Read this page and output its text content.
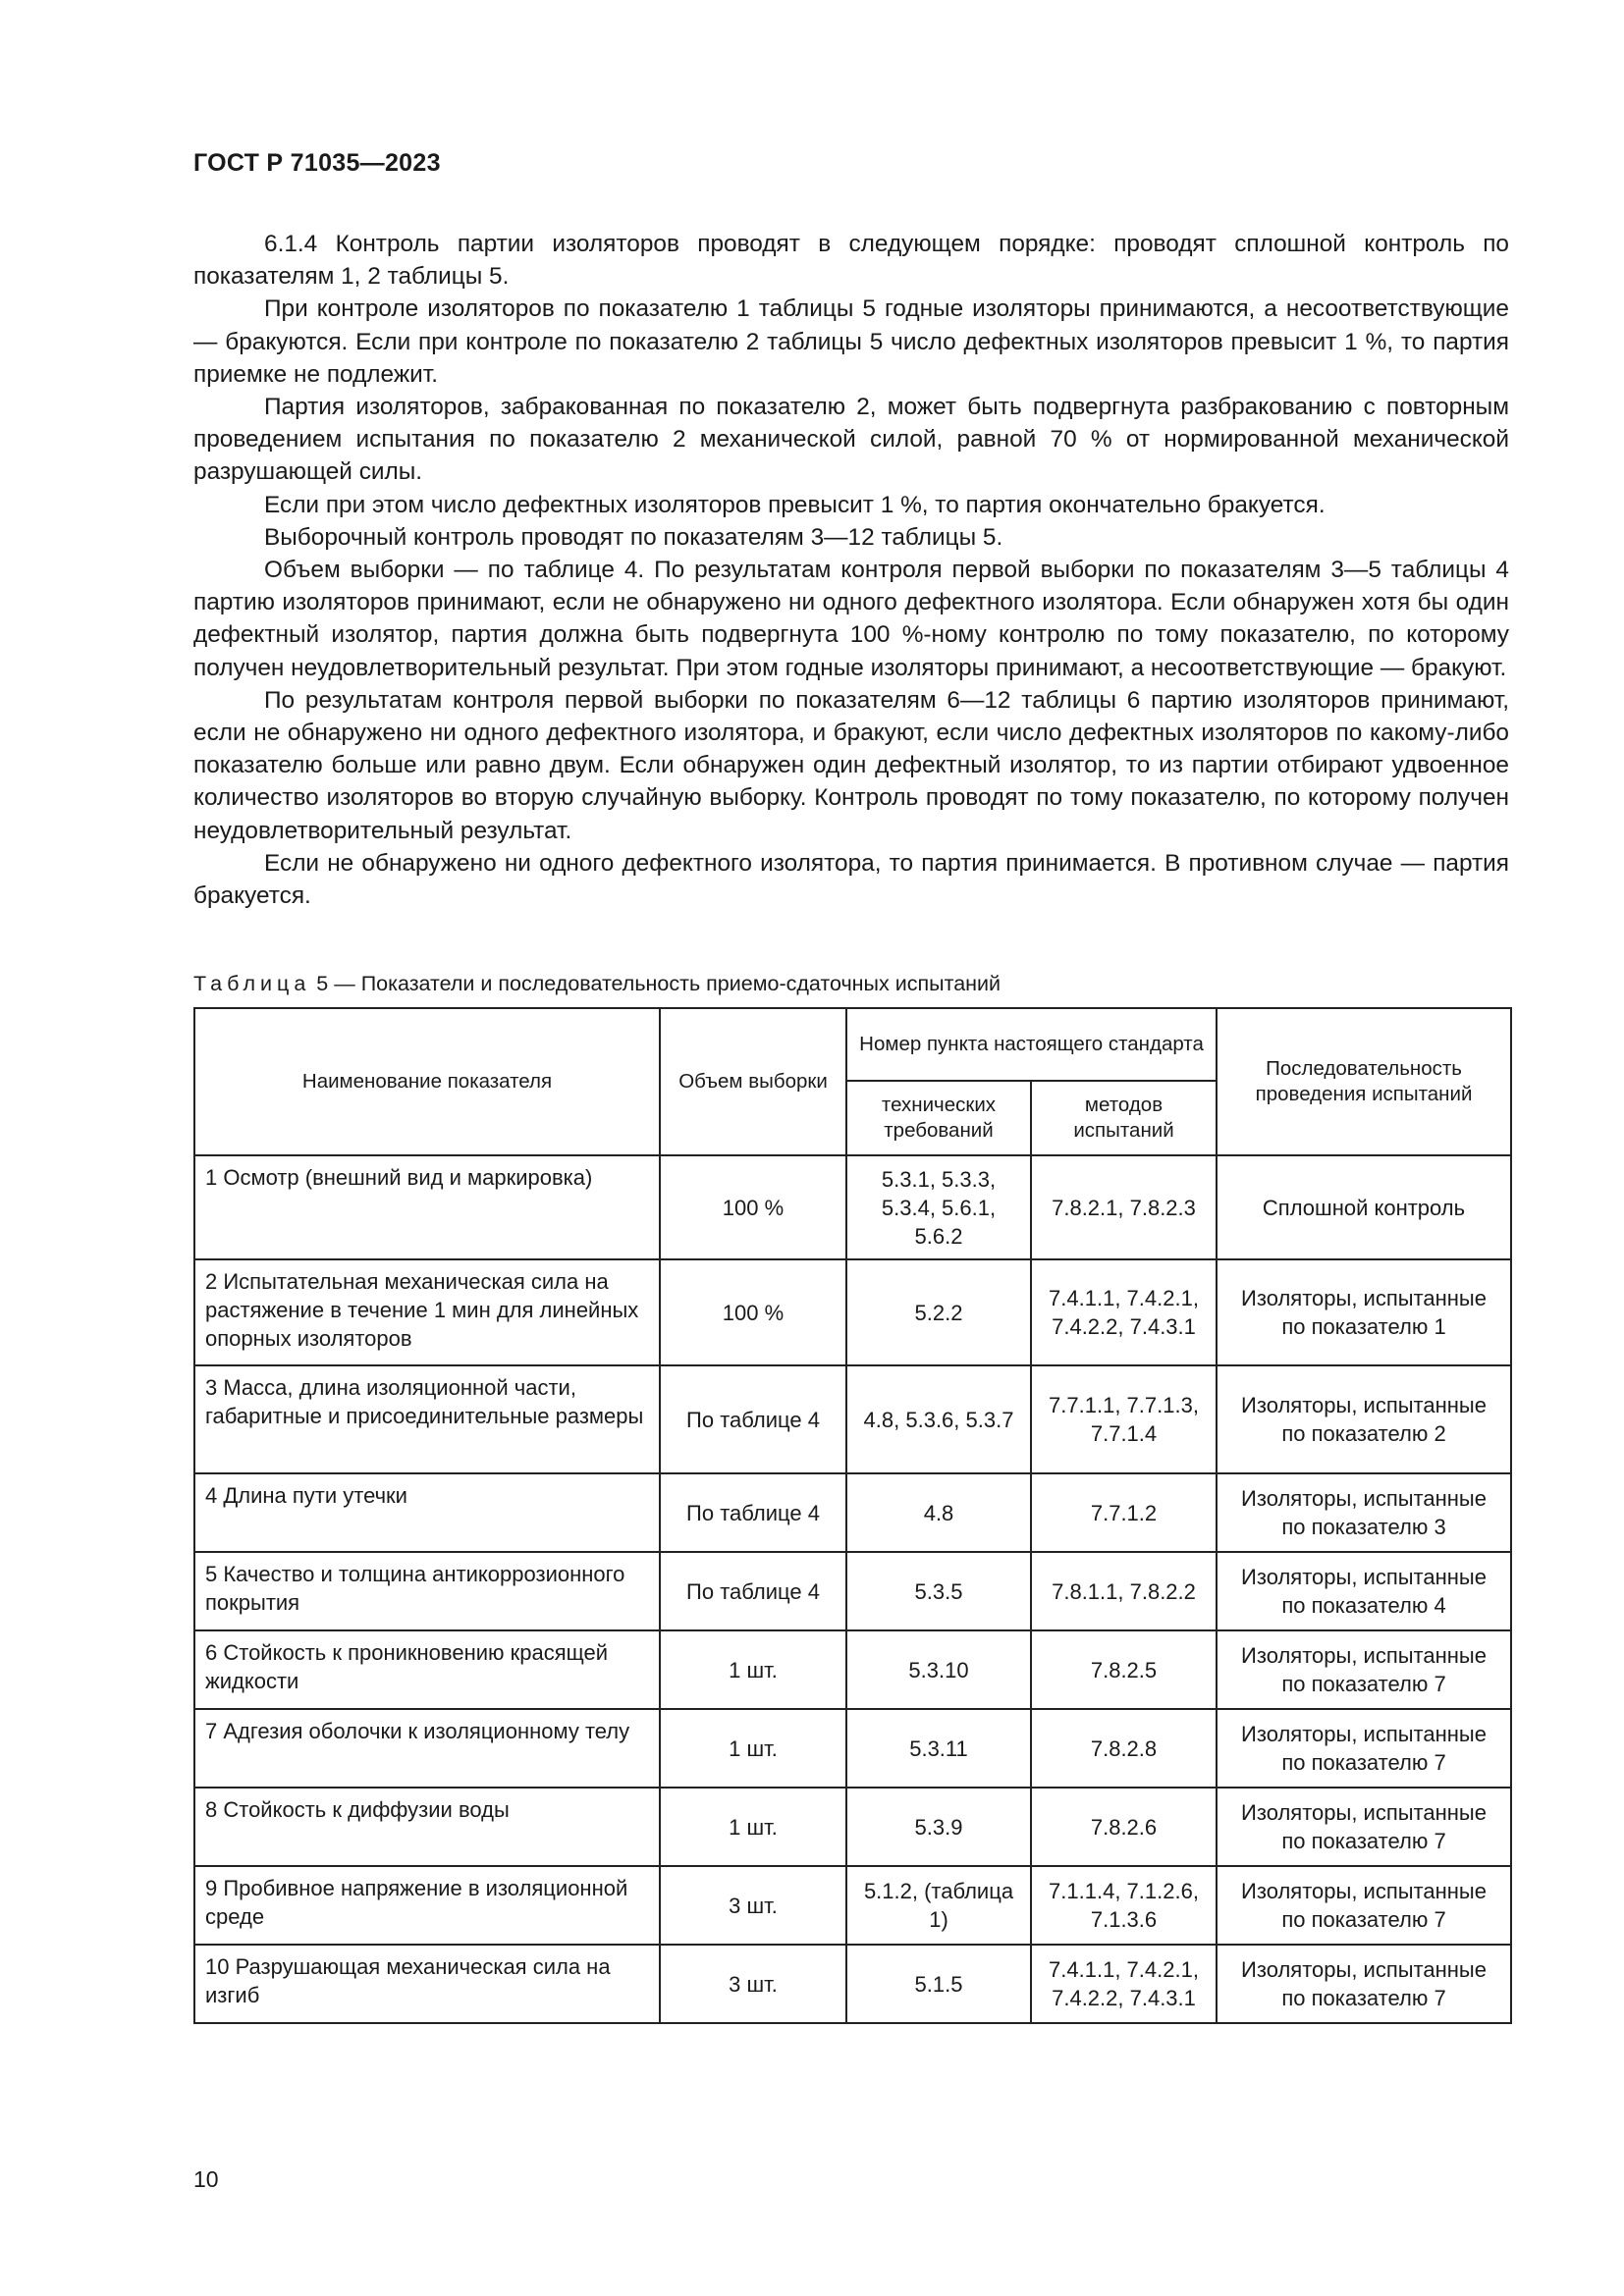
ГОСТ Р 71035—2023

6.1.4 Контроль партии изоляторов проводят в следующем порядке: проводят сплошной контроль по показателям 1, 2 таблицы 5.

При контроле изоляторов по показателю 1 таблицы 5 годные изоляторы принимаются, а несоответствующие — бракуются. Если при контроле по показателю 2 таблицы 5 число дефектных изоляторов превысит 1 %, то партия приемке не подлежит.

Партия изоляторов, забракованная по показателю 2, может быть подвергнута разбракованию с повторным проведением испытания по показателю 2 механической силой, равной 70 % от нормированной механической разрушающей силы.

Если при этом число дефектных изоляторов превысит 1 %, то партия окончательно бракуется.

Выборочный контроль проводят по показателям 3—12 таблицы 5.

Объем выборки — по таблице 4. По результатам контроля первой выборки по показателям 3—5 таблицы 4 партию изоляторов принимают, если не обнаружено ни одного дефектного изолятора. Если обнаружен хотя бы один дефектный изолятор, партия должна быть подвергнута 100 %-ному контролю по тому показателю, по которому получен неудовлетворительный результат. При этом годные изоляторы принимают, а несоответствующие — бракуют.

По результатам контроля первой выборки по показателям 6—12 таблицы 6 партию изоляторов принимают, если не обнаружено ни одного дефектного изолятора, и бракуют, если число дефектных изоляторов по какому-либо показателю больше или равно двум. Если обнаружен один дефектный изолятор, то из партии отбирают удвоенное количество изоляторов во вторую случайную выборку. Контроль проводят по тому показателю, по которому получен неудовлетворительный результат.

Если не обнаружено ни одного дефектного изолятора, то партия принимается. В противном случае — партия бракуется.

Таблица 5 — Показатели и последовательность приемо-сдаточных испытаний
Наименование показателя	Объем выборки	Номер пункта настоящего стандарта		Последовательность проведения испытаний
		технических требований	методов испытаний	
1 Осмотр (внешний вид и маркировка)	100 %	5.3.1, 5.3.3, 5.3.4, 5.6.1, 5.6.2	7.8.2.1, 7.8.2.3	Сплошной контроль
2 Испытательная механическая сила на растяжение в течение 1 мин для линейных опорных изоляторов	100 %	5.2.2	7.4.1.1, 7.4.2.1, 7.4.2.2, 7.4.3.1	Изоляторы, испытанные по показателю 1
3 Масса, длина изоляционной части, габаритные и присоединительные размеры	По таблице 4	4.8, 5.3.6, 5.3.7	7.7.1.1, 7.7.1.3, 7.7.1.4	Изоляторы, испытанные по показателю 2
4 Длина пути утечки	По таблице 4	4.8	7.7.1.2	Изоляторы, испытанные по показателю 3
5 Качество и толщина антикоррозионного покрытия	По таблице 4	5.3.5	7.8.1.1, 7.8.2.2	Изоляторы, испытанные по показателю 4
6 Стойкость к проникновению красящей жидкости	1 шт.	5.3.10	7.8.2.5	Изоляторы, испытанные по показателю 7
7 Адгезия оболочки к изоляционному телу	1 шт.	5.3.11	7.8.2.8	Изоляторы, испытанные по показателю 7
8 Стойкость к диффузии воды	1 шт.	5.3.9	7.8.2.6	Изоляторы, испытанные по показателю 7
9 Пробивное напряжение в изоляционной среде	3 шт.	5.1.2, (таблица 1)	7.1.1.4, 7.1.2.6, 7.1.3.6	Изоляторы, испытанные по показателю 7
10 Разрушающая механическая сила на изгиб	3 шт.	5.1.5	7.4.1.1, 7.4.2.1, 7.4.2.2, 7.4.3.1	Изоляторы, испытанные по показателю 7
10
